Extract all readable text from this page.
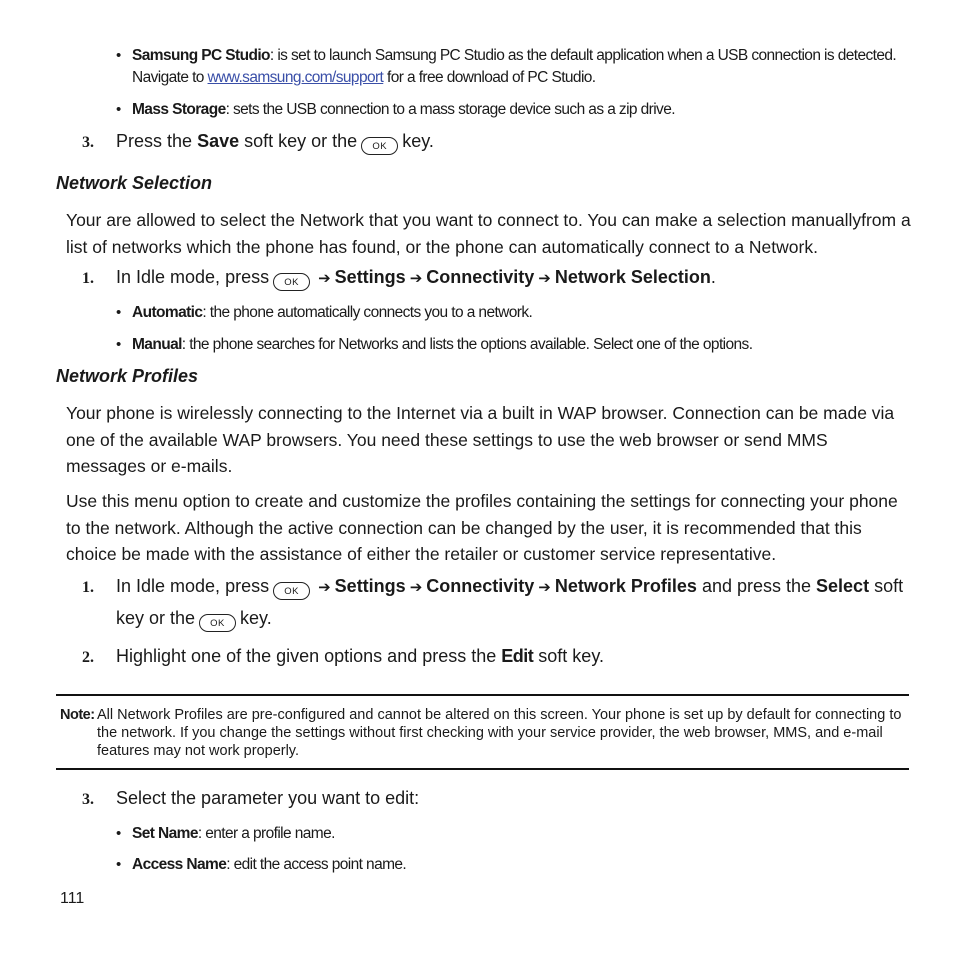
• Samsung PC Studio: is set to launch Samsung PC Studio as the default application when a USB connection is detected.
Navigate to www.samsung.com/support for a free download of PC Studio.
• Mass Storage: sets the USB connection to a mass storage device such as a zip drive.
3. Press the Save soft key or the OK key.
Network Selection
Your are allowed to select the Network that you want to connect to. You can make a selection manuallyfrom a list of networks which the phone has found, or the phone can automatically connect to a Network.
1. In Idle mode, press OK ➔ Settings ➔ Connectivity ➔ Network Selection.
• Automatic: the phone automatically connects you to a network.
• Manual: the phone searches for Networks and lists the options available. Select one of the options.
Network Profiles
Your phone is wirelessly connecting to the Internet via a built in WAP browser. Connection can be made via one of the available WAP browsers. You need these settings to use the web browser or send MMS messages or e-mails.
Use this menu option to create and customize the profiles containing the settings for connecting your phone to the network. Although the active connection can be changed by the user, it is recommended that this choice be made with the assistance of either the retailer or customer service representative.
1. In Idle mode, press OK ➔ Settings ➔ Connectivity ➔ Network Profiles and press the Select soft
key or the OK key.
2. Highlight one of the given options and press the Edit soft key.
Note: All Network Profiles are pre-configured and cannot be altered on this screen. Your phone is set up by default for connecting to the network. If you change the settings without first checking with your service provider, the web browser, MMS, and e-mail features may not work properly.
3. Select the parameter you want to edit:
• Set Name: enter a profile name.
• Access Name: edit the access point name.
111
